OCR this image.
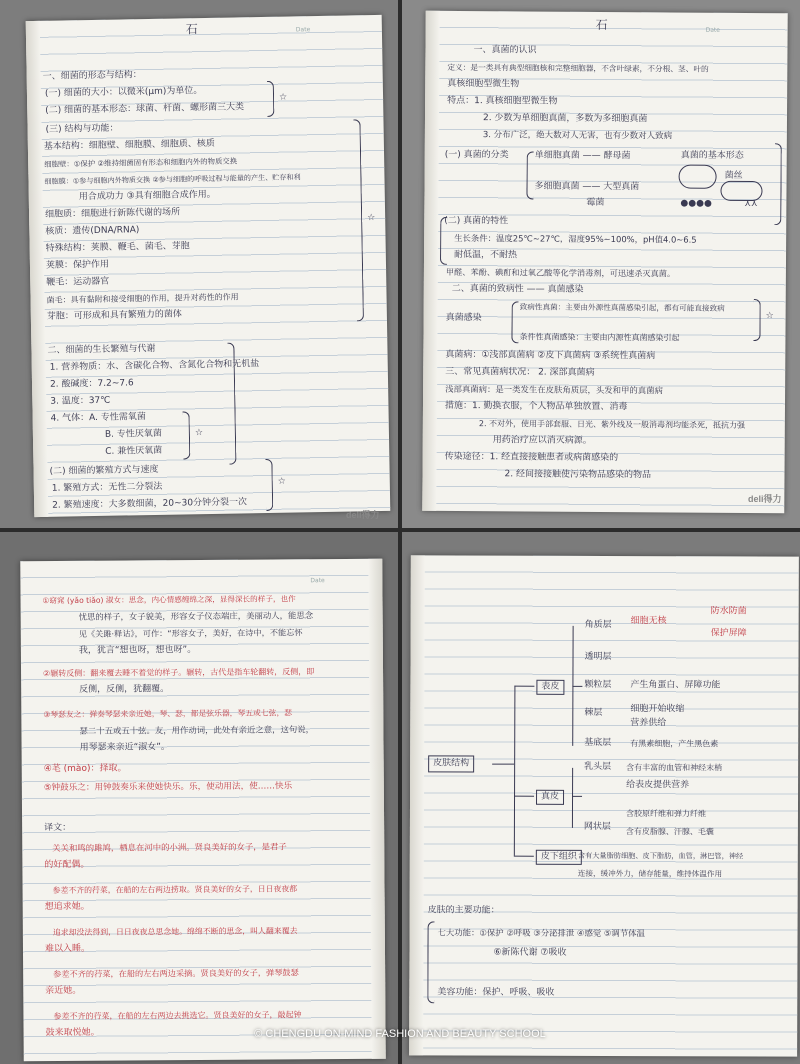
石	Date
一、细菌的形态与结构：
(一) 细菌的大小：以微米(μm)为单位。
(二) 细菌的基本形态：球菌、杆菌、螺形菌三大类
☆
(三) 结构与功能：
基本结构：细胞壁、细胞膜、细胞质、核质
细胞壁：①保护 ②维持细菌固有形态和细胞内外的物质交换
细胞膜：①参与细胞内外物质交换 ②参与细胞的呼吸过程与能量的产生、贮存和利
用合成功力 ③具有细胞合成作用。
细胞质：细胞进行新陈代谢的场所
核质：遗传(DNA/RNA)
特殊结构：荚膜、鞭毛、菌毛、芽胞
荚膜：保护作用
鞭毛：运动器官
菌毛：具有黏附和接受细胞的作用，提升对药性的作用
芽胞：可形成和具有繁殖力的菌体
☆
二、细菌的生长繁殖与代谢
1. 营养物质：水、含碳化合物、含氮化合物和无机盐
2. 酸碱度：7.2~7.6
3. 温度：37℃
4. 气体：A. 专性需氧菌
B. 专性厌氧菌
C. 兼性厌氧菌
☆
(二) 细菌的繁殖方式与速度
1. 繁殖方式：无性二分裂法
2. 繁殖速度：大多数细菌，20~30分钟分裂一次
☆
deli得力
石	Date
一、真菌的认识
定义：是一类具有典型细胞核和完整细胞器，不含叶绿素，不分根、茎、叶的
真核细胞型微生物
特点：1. 真核细胞型微生物
2. 少数为单细胞真菌，多数为多细胞真菌
3. 分布广泛，绝大数对人无害，也有少数对人致病
(一) 真菌的分类	单细胞真菌 —— 酵母菌
多细胞真菌 —— 大型真菌
霉菌
真菌的基本形态
菌丝
●●●●	⋏⋏
(二) 真菌的特性
生长条件：温度25℃~27℃，湿度95%~100%，pH值4.0~6.5
耐低温，不耐热
甲醛、苯酚、碘酊和过氧乙酸等化学消毒剂，可迅速杀灭真菌。
二、真菌的致病性 —— 真菌感染
真菌感染
致病性真菌：主要由外源性真菌感染引起，都有可能直接致病
条件性真菌感染：主要由内源性真菌感染引起
☆
真菌病：①浅部真菌病 ②皮下真菌病 ③系统性真菌病
三、常见真菌病状况： 2. 深部真菌病
浅部真菌病：是一类发生在皮肤角质层，头发和甲的真菌病
措施：1. 勤换衣服，个人物品单独放置、消毒
2. 不对外，使用手部套服、日光、紫外线及一般消毒剂均能杀死，抵抗力强
用药治疗应以消灭病源。
传染途径：1. 经直接接触患者或病菌感染的
2. 经间接接触使污染物品感染的物品
deli得力
Date
①窈窕 (yǎo tiǎo) 淑女：思念，内心情感缠绵之深，显得深长的样子，也作
忧思的样子，女子貌美，形容女子仪态端庄，美丽动人，能思念
见《关雎·释诂》，可作：“形容女子，美好，在诗中，不能忘怀
我，犹言“想也呀，想也呀”。
②辗转反侧：翻来覆去睡不着觉的样子。辗转，古代是指车轮翻转，反侧，即
反侧，反侧，犹翻覆。
③琴瑟友之：弹奏琴瑟来亲近她，琴、瑟，都是弦乐器，琴五或七弦，瑟
瑟二十五或五十弦。友，用作动词，此处有亲近之意，这句说，
用琴瑟来亲近“淑女”。
④芼 (mào)：择取。
⑤钟鼓乐之：用钟鼓奏乐来使她快乐。乐，使动用法，使……快乐
译文：
关关和鸣的雎鸠，栖息在河中的小洲。贤良美好的女子，是君子
的好配偶。
参差不齐的荇菜，在船的左右两边捞取。贤良美好的女子，日日夜夜都
想追求她。
追求却没法得到，日日夜夜总思念她。绵绵不断的思念，叫人翻来覆去
难以入睡。
参差不齐的荇菜，在船的左右两边采摘。贤良美好的女子，弹琴鼓瑟
亲近她。
参差不齐的荇菜，在船的左右两边去挑选它。贤良美好的女子，敲起钟
鼓来取悦她。
皮肤结构
表皮
真皮
皮下组织
角质层
透明层
颗粒层
棘层
基底层
细胞无核
防水防菌
保护屏障
产生角蛋白、屏障功能
细胞开始收缩
营养供给
有黑素细胞，产生黑色素
乳头层
网状层
含有丰富的血管和神经末梢
给表皮提供营养
含胶原纤维和弹力纤维
含有皮脂腺、汗腺、毛囊
含有大量脂肪细胞、皮下脂肪，血管，淋巴管，神经
连接，缓冲外力，储存能量，维持体温作用
皮肤的主要功能：
七大功能：①保护 ②呼吸 ③分泌排泄 ④感觉 ⑤调节体温
⑥新陈代谢 ⑦吸收
美容功能：保护、呼吸、吸收
© CHENGDU ON-MIND FASHION AND BEAUTY SCHOOL
